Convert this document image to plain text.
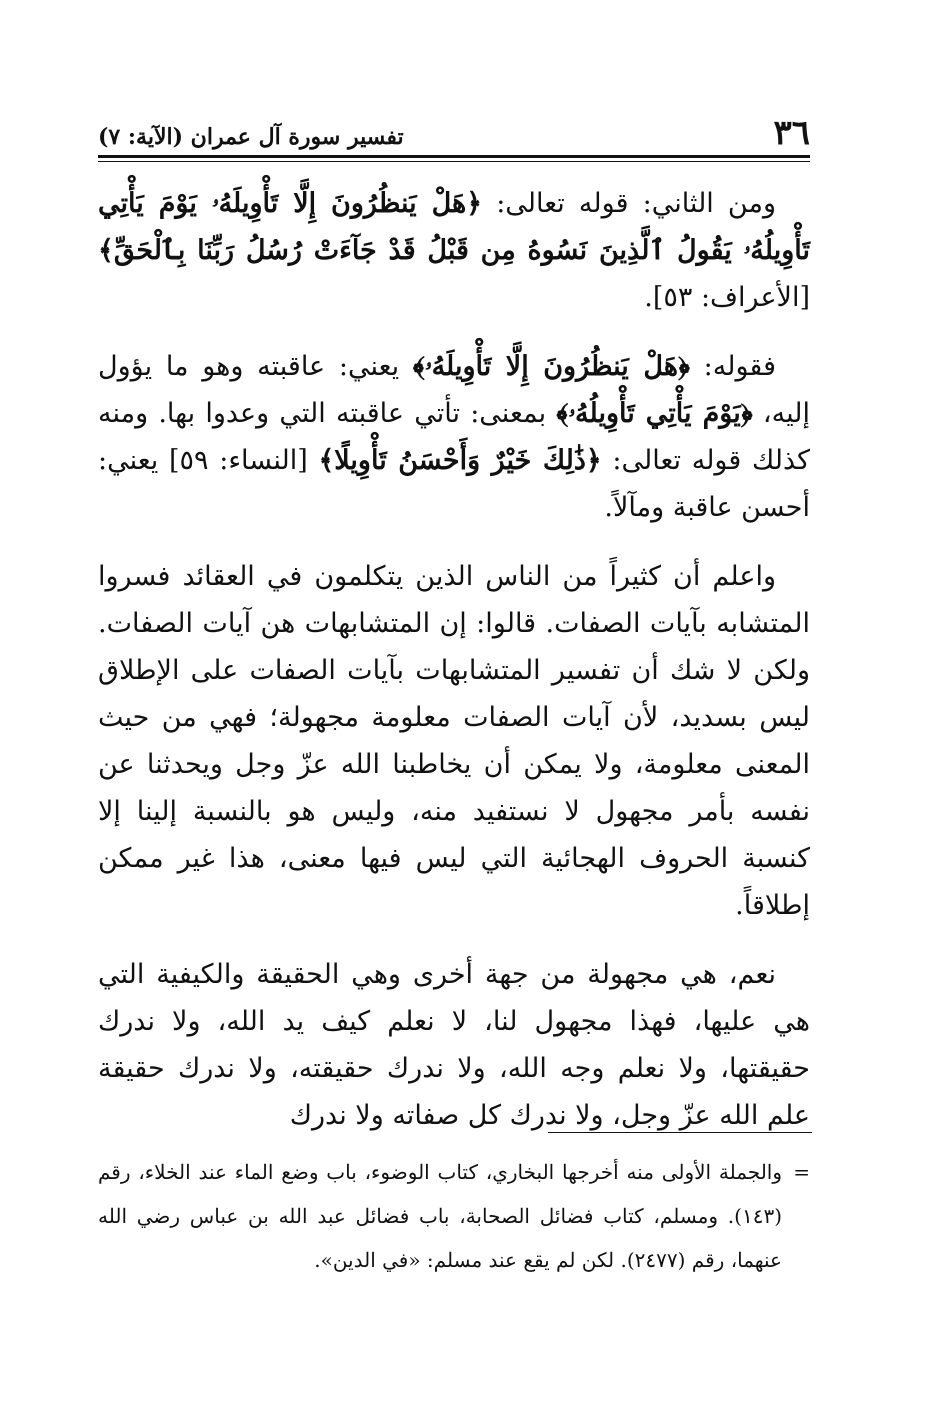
٣٦
تفسير سورة آل عمران (الآية: ٧)

ومن الثاني: قوله تعالى: ﴿هَلْ يَنظُرُونَ إِلَّا تَأْوِيلَهُۥ يَوْمَ يَأْتِي تَأْوِيلُهُۥ يَقُولُ ٱلَّذِينَ نَسُوهُ مِن قَبْلُ قَدْ جَآءَتْ رُسُلُ رَبِّنَا بِٱلْحَقِّ﴾ [الأعراف: ٥٣].

فقوله: ﴿هَلْ يَنظُرُونَ إِلَّا تَأْوِيلَهُۥ﴾ يعني: عاقبته وهو ما يؤول إليه، ﴿يَوْمَ يَأْتِي تَأْوِيلُهُۥ﴾ بمعنى: تأتي عاقبته التي وعدوا بها. ومنه كذلك قوله تعالى: ﴿ذَٰلِكَ خَيْرٌ وَأَحْسَنُ تَأْوِيلًا﴾ [النساء: ٥٩] يعني: أحسن عاقبة ومآلاً.

واعلم أن كثيراً من الناس الذين يتكلمون في العقائد فسروا المتشابه بآيات الصفات. قالوا: إن المتشابهات هن آيات الصفات. ولكن لا شك أن تفسير المتشابهات بآيات الصفات على الإطلاق ليس بسديد، لأن آيات الصفات معلومة مجهولة؛ فهي من حيث المعنى معلومة، ولا يمكن أن يخاطبنا الله عزّ وجل ويحدثنا عن نفسه بأمر مجهول لا نستفيد منه، وليس هو بالنسبة إلينا إلا كنسبة الحروف الهجائية التي ليس فيها معنى، هذا غير ممكن إطلاقاً.

نعم، هي مجهولة من جهة أخرى وهي الحقيقة والكيفية التي هي عليها، فهذا مجهول لنا، لا نعلم كيف يد الله، ولا ندرك حقيقتها، ولا نعلم وجه الله، ولا ندرك حقيقته، ولا ندرك حقيقة علم الله عزّ وجل، ولا ندرك كل صفاته ولا ندرك

=
والجملة الأولى منه أخرجها البخاري، كتاب الوضوء، باب وضع الماء عند الخلاء، رقم (١٤٣). ومسلم، كتاب فضائل الصحابة، باب فضائل عبد الله بن عباس رضي الله عنهما، رقم (٢٤٧٧). لكن لم يقع عند مسلم: «في الدين».
